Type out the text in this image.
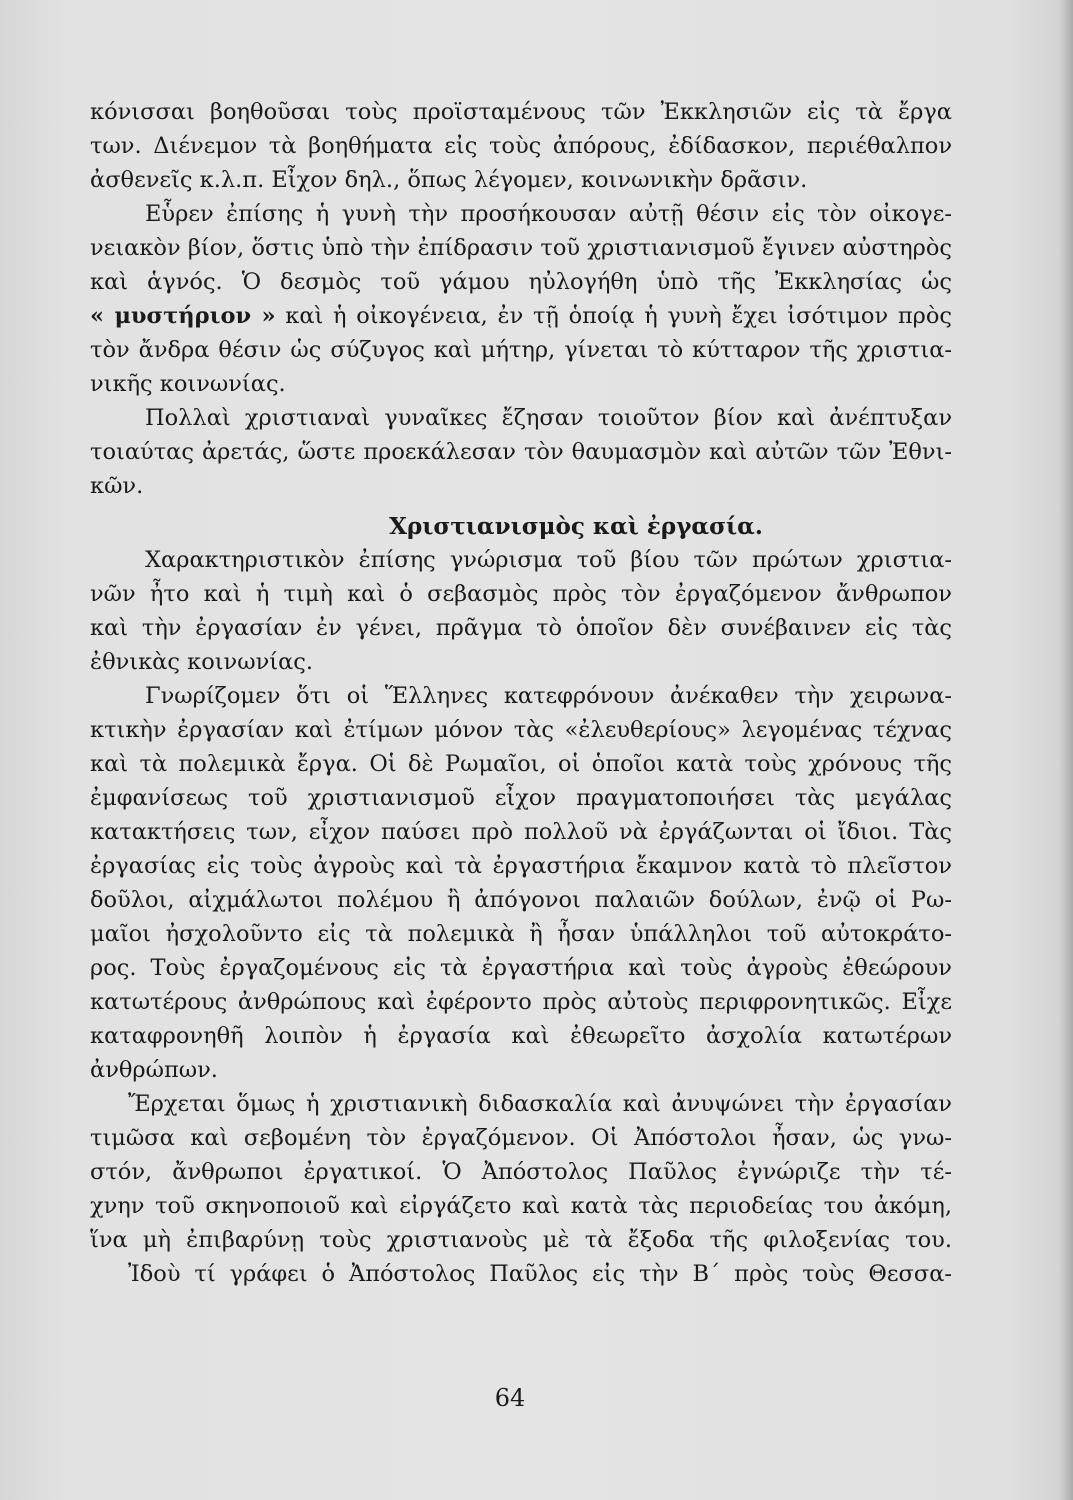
κόνισσαι βοηθοῦσαι τοὺς προϊσταμένους τῶν Ἐκκλησιῶν εἰς τὰ ἔργα
των. Διένεμον τὰ βοηθήματα εἰς τοὺς ἀπόρους, ἐδίδασκον, περιέθαλπον
ἀσθενεῖς κ.λ.π. Εἶχον δηλ., ὅπως λέγομεν, κοινωνικὴν δρᾶσιν.
Εὗρεν ἐπίσης ἡ γυνὴ τὴν προσήκουσαν αὐτῇ θέσιν εἰς τὸν οἰκογε-
νειακὸν βίον, ὅστις ὑπὸ τὴν ἐπίδρασιν τοῦ χριστιανισμοῦ ἔγινεν αὐστηρὸς
καὶ ἁγνός. Ὁ δεσμὸς τοῦ γάμου ηὐλογήθη ὑπὸ τῆς Ἐκκλησίας ὡς
« μυστήριον » καὶ ἡ οἰκογένεια, ἐν τῇ ὁποίᾳ ἡ γυνὴ ἔχει ἰσότιμον πρὸς
τὸν ἄνδρα θέσιν ὡς σύζυγος καὶ μήτηρ, γίνεται τὸ κύτταρον τῆς χριστια-
νικῆς κοινωνίας.
Πολλαὶ χριστιαναὶ γυναῖκες ἔζησαν τοιοῦτον βίον καὶ ἀνέπτυξαν
τοιαύτας ἀρετάς, ὥστε προεκάλεσαν τὸν θαυμασμὸν καὶ αὐτῶν τῶν Ἐθνι-
κῶν.
Χριστιανισμὸς καὶ ἐργασία.
Χαρακτηριστικὸν ἐπίσης γνώρισμα τοῦ βίου τῶν πρώτων χριστια-
νῶν ἦτο καὶ ἡ τιμὴ καὶ ὁ σεβασμὸς πρὸς τὸν ἐργαζόμενον ἄνθρωπον
καὶ τὴν ἐργασίαν ἐν γένει, πρᾶγμα τὸ ὁποῖον δὲν συνέβαινεν εἰς τὰς
ἐθνικὰς κοινωνίας.
Γνωρίζομεν ὅτι οἱ Ἕλληνες κατεφρόνουν ἀνέκαθεν τὴν χειρωνα-
κτικὴν ἐργασίαν καὶ ἐτίμων μόνον τὰς «ἐλευθερίους» λεγομένας τέχνας
καὶ τὰ πολεμικὰ ἔργα. Οἱ δὲ Ρωμαῖοι, οἱ ὁποῖοι κατὰ τοὺς χρόνους τῆς
ἐμφανίσεως τοῦ χριστιανισμοῦ εἶχον πραγματοποιήσει τὰς μεγάλας
κατακτήσεις των, εἶχον παύσει πρὸ πολλοῦ νὰ ἐργάζωνται οἱ ἴδιοι. Τὰς
ἐργασίας εἰς τοὺς ἀγροὺς καὶ τὰ ἐργαστήρια ἔκαμνον κατὰ τὸ πλεῖστον
δοῦλοι, αἰχμάλωτοι πολέμου ἢ ἀπόγονοι παλαιῶν δούλων, ἐνῷ οἱ Ρω-
μαῖοι ἠσχολοῦντο εἰς τὰ πολεμικὰ ἢ ἦσαν ὑπάλληλοι τοῦ αὐτοκράτο-
ρος. Τοὺς ἐργαζομένους εἰς τὰ ἐργαστήρια καὶ τοὺς ἀγροὺς ἐθεώρουν
κατωτέρους ἀνθρώπους καὶ ἐφέροντο πρὸς αὐτοὺς περιφρονητικῶς. Εἶχε
καταφρονηθῆ λοιπὸν ἡ ἐργασία καὶ ἐθεωρεῖτο ἀσχολία κατωτέρων
ἀνθρώπων.
Ἔρχεται ὅμως ἡ χριστιανικὴ διδασκαλία καὶ ἀνυψώνει τὴν ἐργασίαν
τιμῶσα καὶ σεβομένη τὸν ἐργαζόμενον. Οἱ Ἀπόστολοι ἦσαν, ὡς γνω-
στόν, ἄνθρωποι ἐργατικοί. Ὁ Ἀπόστολος Παῦλος ἐγνώριζε τὴν τέ-
χνην τοῦ σκηνοποιοῦ καὶ εἰργάζετο καὶ κατὰ τὰς περιοδείας του ἀκόμη,
ἵνα μὴ ἐπιβαρύνῃ τοὺς χριστιανοὺς μὲ τὰ ἔξοδα τῆς φιλοξενίας του.
Ἰδοὺ τί γράφει ὁ Ἀπόστολος Παῦλος εἰς τὴν Β΄ πρὸς τοὺς Θεσσα-
64
